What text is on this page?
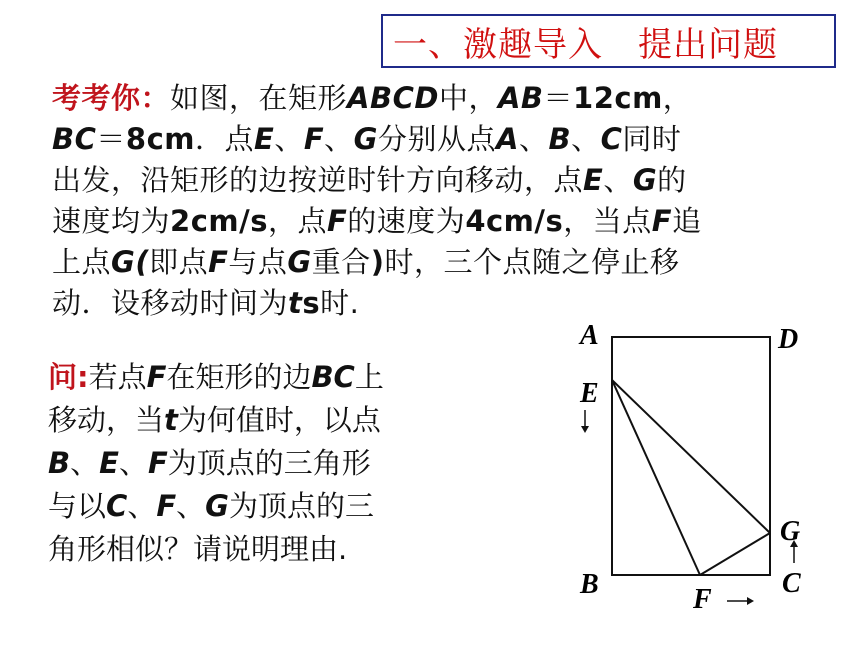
一、激趣导入　提出问题
考考你：如图，在矩形ABCD中，AB＝12cm，
BC＝8cm．点E、F、G分别从点A、B、C同时
出发，沿矩形的边按逆时针方向移动，点E、G的
速度均为2cm/s，点F的速度为4cm/s，当点F追
上点G(即点F与点G重合)时，三个点随之停止移
动．设移动时间为ts时.
问:若点F在矩形的边BC上
移动，当t为何值时，以点
B、E、F为顶点的三角形
与以C、F、G为顶点的三
角形相似？请说明理由.
A	D
E
G
B	C
F
